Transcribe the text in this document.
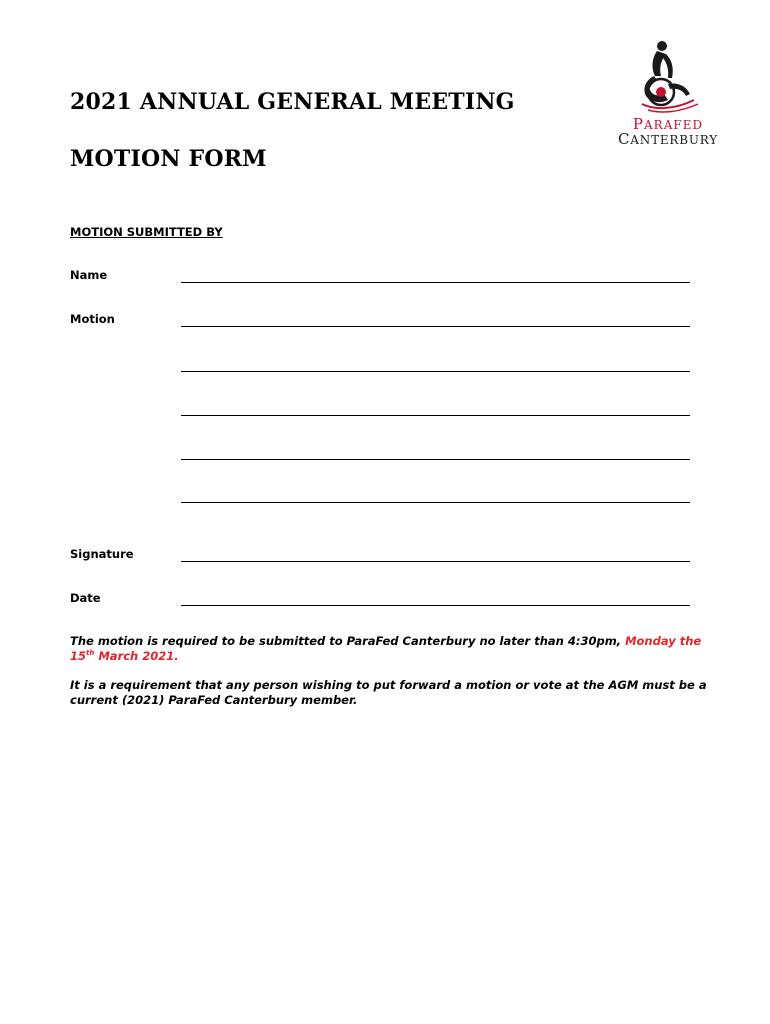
2021 ANNUAL GENERAL MEETING
MOTION FORM
PARAFED
CANTERBURY
MOTION SUBMITTED BY
Name
Motion
Signature
Date

The motion is required to be submitted to ParaFed Canterbury no later than 4:30pm, Monday the 15th March 2021.

It is a requirement that any person wishing to put forward a motion or vote at the AGM must be a current (2021) ParaFed Canterbury member.
